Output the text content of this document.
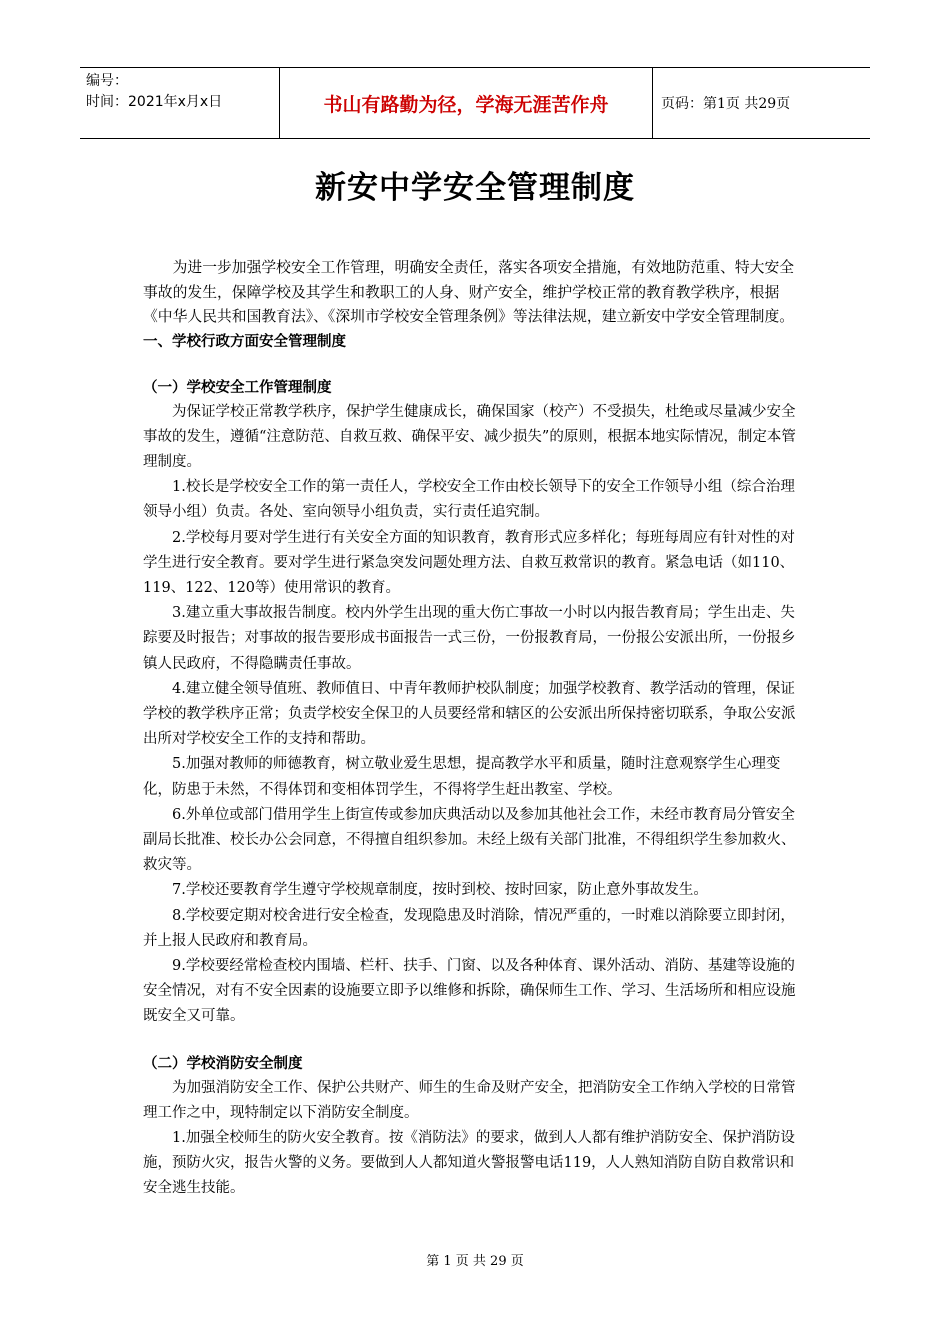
编号：
时间：2021年x月x日	书山有路勤为径，学海无涯苦作舟	页码：第1页 共29页
新安中学安全管理制度

为进一步加强学校安全工作管理，明确安全责任，落实各项安全措施，有效地防范重、特大安全事故的发生，保障学校及其学生和教职工的人身、财产安全，维护学校正常的教育教学秩序，根据《中华人民共和国教育法》、《深圳市学校安全管理条例》等法律法规，建立新安中学安全管理制度。

一、学校行政方面安全管理制度

（一）学校安全工作管理制度

为保证学校正常教学秩序，保护学生健康成长，确保国家（校产）不受损失，杜绝或尽量减少安全事故的发生，遵循“注意防范、自救互救、确保平安、减少损失”的原则，根据本地实际情况，制定本管理制度。

1.校长是学校安全工作的第一责任人，学校安全工作由校长领导下的安全工作领导小组（综合治理领导小组）负责。各处、室向领导小组负责，实行责任追究制。

2.学校每月要对学生进行有关安全方面的知识教育，教育形式应多样化；每班每周应有针对性的对学生进行安全教育。要对学生进行紧急突发问题处理方法、自救互救常识的教育。紧急电话（如110、119、122、120等）使用常识的教育。

3.建立重大事故报告制度。校内外学生出现的重大伤亡事故一小时以内报告教育局；学生出走、失踪要及时报告；对事故的报告要形成书面报告一式三份，一份报教育局，一份报公安派出所，一份报乡镇人民政府，不得隐瞒责任事故。

4.建立健全领导值班、教师值日、中青年教师护校队制度；加强学校教育、教学活动的管理，保证学校的教学秩序正常；负责学校安全保卫的人员要经常和辖区的公安派出所保持密切联系，争取公安派出所对学校安全工作的支持和帮助。

5.加强对教师的师德教育，树立敬业爱生思想，提高教学水平和质量，随时注意观察学生心理变化，防患于未然，不得体罚和变相体罚学生，不得将学生赶出教室、学校。

6.外单位或部门借用学生上街宣传或参加庆典活动以及参加其他社会工作，未经市教育局分管安全副局长批准、校长办公会同意，不得擅自组织参加。未经上级有关部门批准，不得组织学生参加救火、救灾等。

7.学校还要教育学生遵守学校规章制度，按时到校、按时回家，防止意外事故发生。

8.学校要定期对校舍进行安全检查，发现隐患及时消除，情况严重的，一时难以消除要立即封闭，并上报人民政府和教育局。

9.学校要经常检查校内围墙、栏杆、扶手、门窗、以及各种体育、课外活动、消防、基建等设施的安全情况，对有不安全因素的设施要立即予以维修和拆除，确保师生工作、学习、生活场所和相应设施既安全又可靠。

（二）学校消防安全制度

为加强消防安全工作、保护公共财产、师生的生命及财产安全，把消防安全工作纳入学校的日常管理工作之中，现特制定以下消防安全制度。

1.加强全校师生的防火安全教育。按《消防法》的要求，做到人人都有维护消防安全、保护消防设施，预防火灾，报告火警的义务。要做到人人都知道火警报警电话119，人人熟知消防自防自救常识和安全逃生技能。

第 1 页 共 29 页
